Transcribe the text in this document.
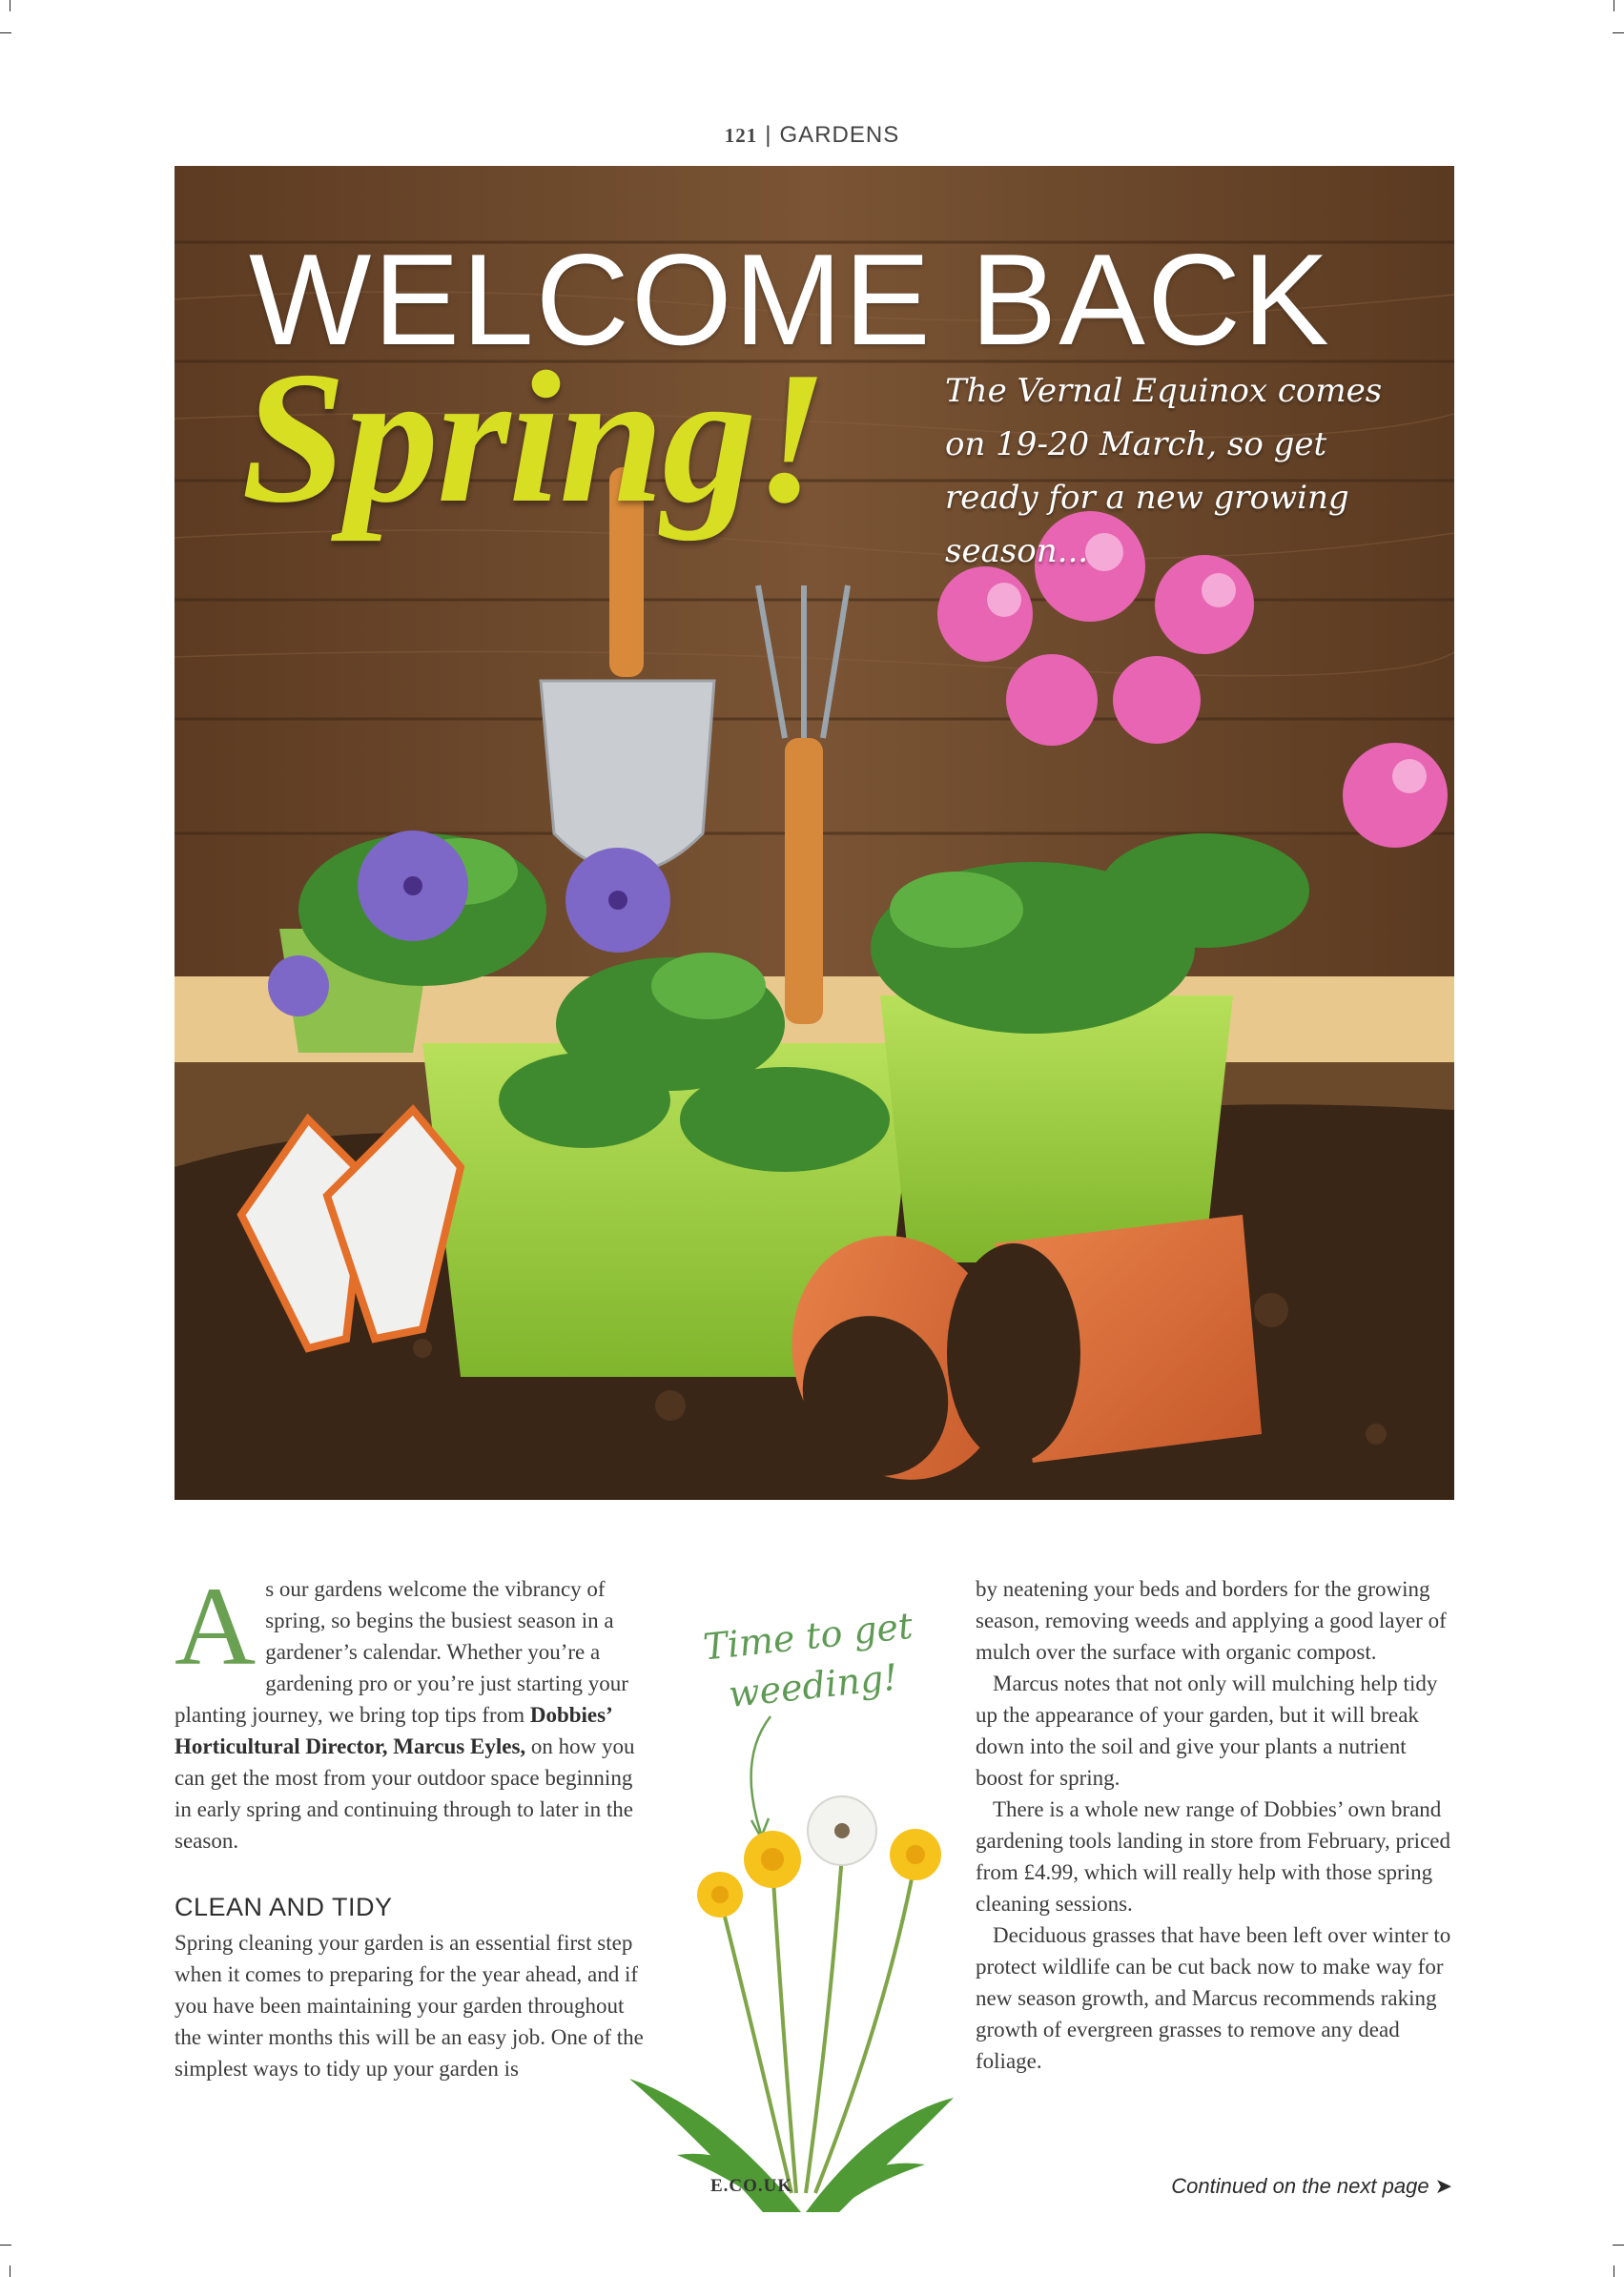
121 | GARDENS
WELCOME BACK
Spring!	The Vernal Equinox comes on 19-20 March, so get ready for a new growing season...

As our gardens welcome the vibrancy of spring, so begins the busiest season in a gardener’s calendar. Whether you’re a gardening pro or you’re just starting your planting journey, we bring top tips from Dobbies’ Horticultural Director, Marcus Eyles, on how you can get the most from your outdoor space beginning in early spring and continuing through to later in the season.

CLEAN AND TIDY

Spring cleaning your garden is an essential first step when it comes to preparing for the year ahead, and if you have been maintaining your garden throughout the winter months this will be an easy job. One of the simplest ways to tidy up your garden is

Time to get
weeding!

by neatening your beds and borders for the growing season, removing weeds and applying a good layer of mulch over the surface with organic compost.

Marcus notes that not only will mulching help tidy up the appearance of your garden, but it will break down into the soil and give your plants a nutrient boost for spring.

There is a whole new range of Dobbies’ own brand gardening tools landing in store from February, priced from £4.99, which will really help with those spring cleaning sessions.

Deciduous grasses that have been left over winter to protect wildlife can be cut back now to make way for new season growth, and Marcus recommends raking growth of evergreen grasses to remove any dead foliage.

E.CO.UK	Continued on the next page ➤
